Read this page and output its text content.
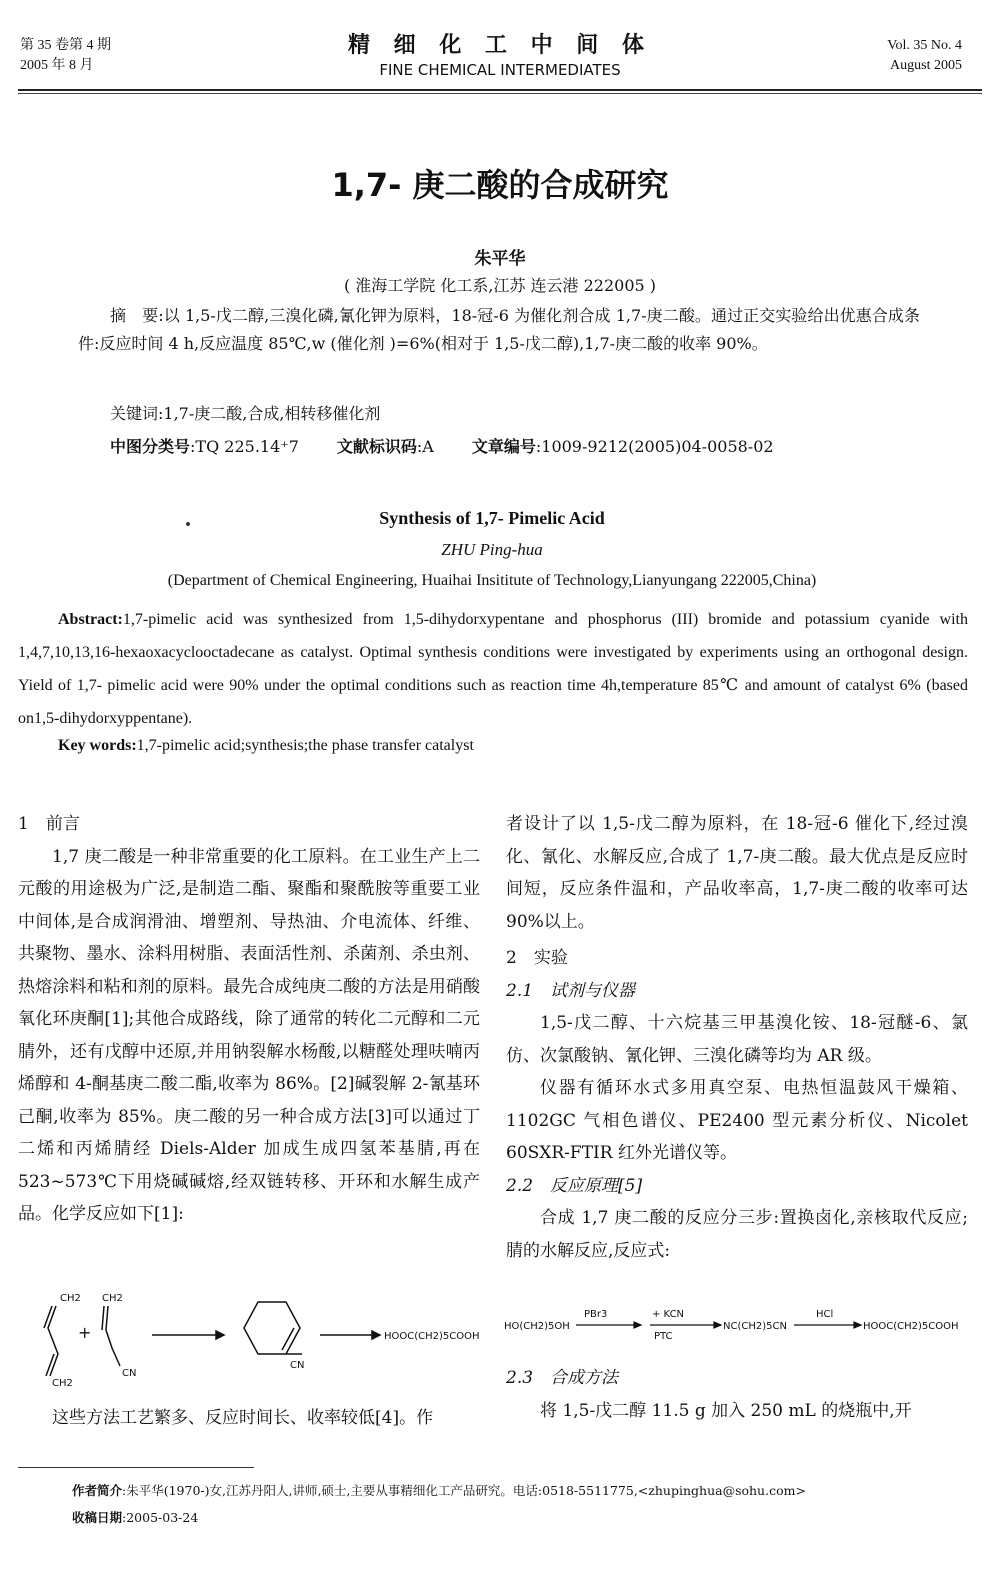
第 35 卷第 4 期
2005 年 8 月
精 细 化 工 中 间 体
FINE CHEMICAL INTERMEDIATES
Vol. 35 No. 4
August 2005
1,7- 庚二酸的合成研究
朱平华
( 淮海工学院 化工系,江苏 连云港 222005 )
摘　要:以 1,5-戊二醇,三溴化磷,氰化钾为原料，18-冠-6 为催化剂合成 1,7-庚二酸。通过正交实验给出优惠合成条件:反应时间 4 h,反应温度 85℃,w (催化剂 )=6%(相对于 1,5-戊二醇),1,7-庚二酸的收率 90%。
关键词:1,7-庚二酸,合成,相转移催化剂
中图分类号:TQ 225.14⁺7 文献标识码:A 文章编号:1009-9212(2005)04-0058-02
Synthesis of 1,7- Pimelic Acid
ZHU Ping-hua
(Department of Chemical Engineering, Huaihai Insititute of Technology,Lianyungang 222005,China)
Abstract:1,7-pimelic acid was synthesized from 1,5-dihydorxypentane and phosphorus (III) bromide and potassium cyanide with 1,4,7,10,13,16-hexaoxacyclooctadecane as catalyst. Optimal synthesis conditions were investigated by experiments using an orthogonal design. Yield of 1,7- pimelic acid were 90% under the optimal conditions such as reaction time 4h,temperature 85℃ and amount of catalyst 6% (based on1,5-dihydorxyppentane).
Key words:1,7-pimelic acid;synthesis;the phase transfer catalyst

1　前言

1,7 庚二酸是一种非常重要的化工原料。在工业生产上二元酸的用途极为广泛,是制造二酯、聚酯和聚酰胺等重要工业中间体,是合成润滑油、增塑剂、导热油、介电流体、纤维、共聚物、墨水、涂料用树脂、表面活性剂、杀菌剂、杀虫剂、热熔涂料和粘和剂的原料。最先合成纯庚二酸的方法是用硝酸氧化环庚酮[1];其他合成路线，除了通常的转化二元醇和二元腈外，还有戊醇中还原,并用钠裂解水杨酸,以糖醛处理呋喃丙烯醇和 4-酮基庚二酸二酯,收率为 86%。[2]碱裂解 2-氰基环己酮,收率为 85%。庚二酸的另一种合成方法[3]可以通过丁二烯和丙烯腈经 Diels-Alder 加成生成四氢苯基腈,再在 523~573℃下用烧碱碱熔,经双链转移、开环和水解生成产品。化学反应如下[1]:

CH2 CH2
CH2
+
CN
CN
HOOC(CH2)5COOH

这些方法工艺繁多、反应时间长、收率较低[4]。作

者设计了以 1,5-戊二醇为原料，在 18-冠-6 催化下,经过溴化、氰化、水解反应,合成了 1,7-庚二酸。最大优点是反应时间短，反应条件温和，产品收率高，1,7-庚二酸的收率可达 90%以上。

2　实验

2.1　试剂与仪器

1,5-戊二醇、十六烷基三甲基溴化铵、18-冠醚-6、氯仿、次氯酸钠、氰化钾、三溴化磷等均为 AR 级。

仪器有循环水式多用真空泵、电热恒温鼓风干燥箱、1102GC 气相色谱仪、PE2400 型元素分析仪、Nicolet 60SXR-FTIR 红外光谱仪等。

2.2　反应原理[5]

合成 1,7 庚二酸的反应分三步:置换卤化,亲核取代反应;腈的水解反应,反应式:

HO(CH2)5OH
PBr3	+ KCN
PTC
NC(CH2)5CN
HCl
HOOC(CH2)5COOH

2.3　合成方法

将 1,5-戊二醇 11.5 g 加入 250 mL 的烧瓶中,开

作者简介:朱平华(1970-)女,江苏丹阳人,讲师,硕士,主要从事精细化工产品研究。电话:0518-5511775,<zhupinghua@sohu.com>
收稿日期:2005-03-24
